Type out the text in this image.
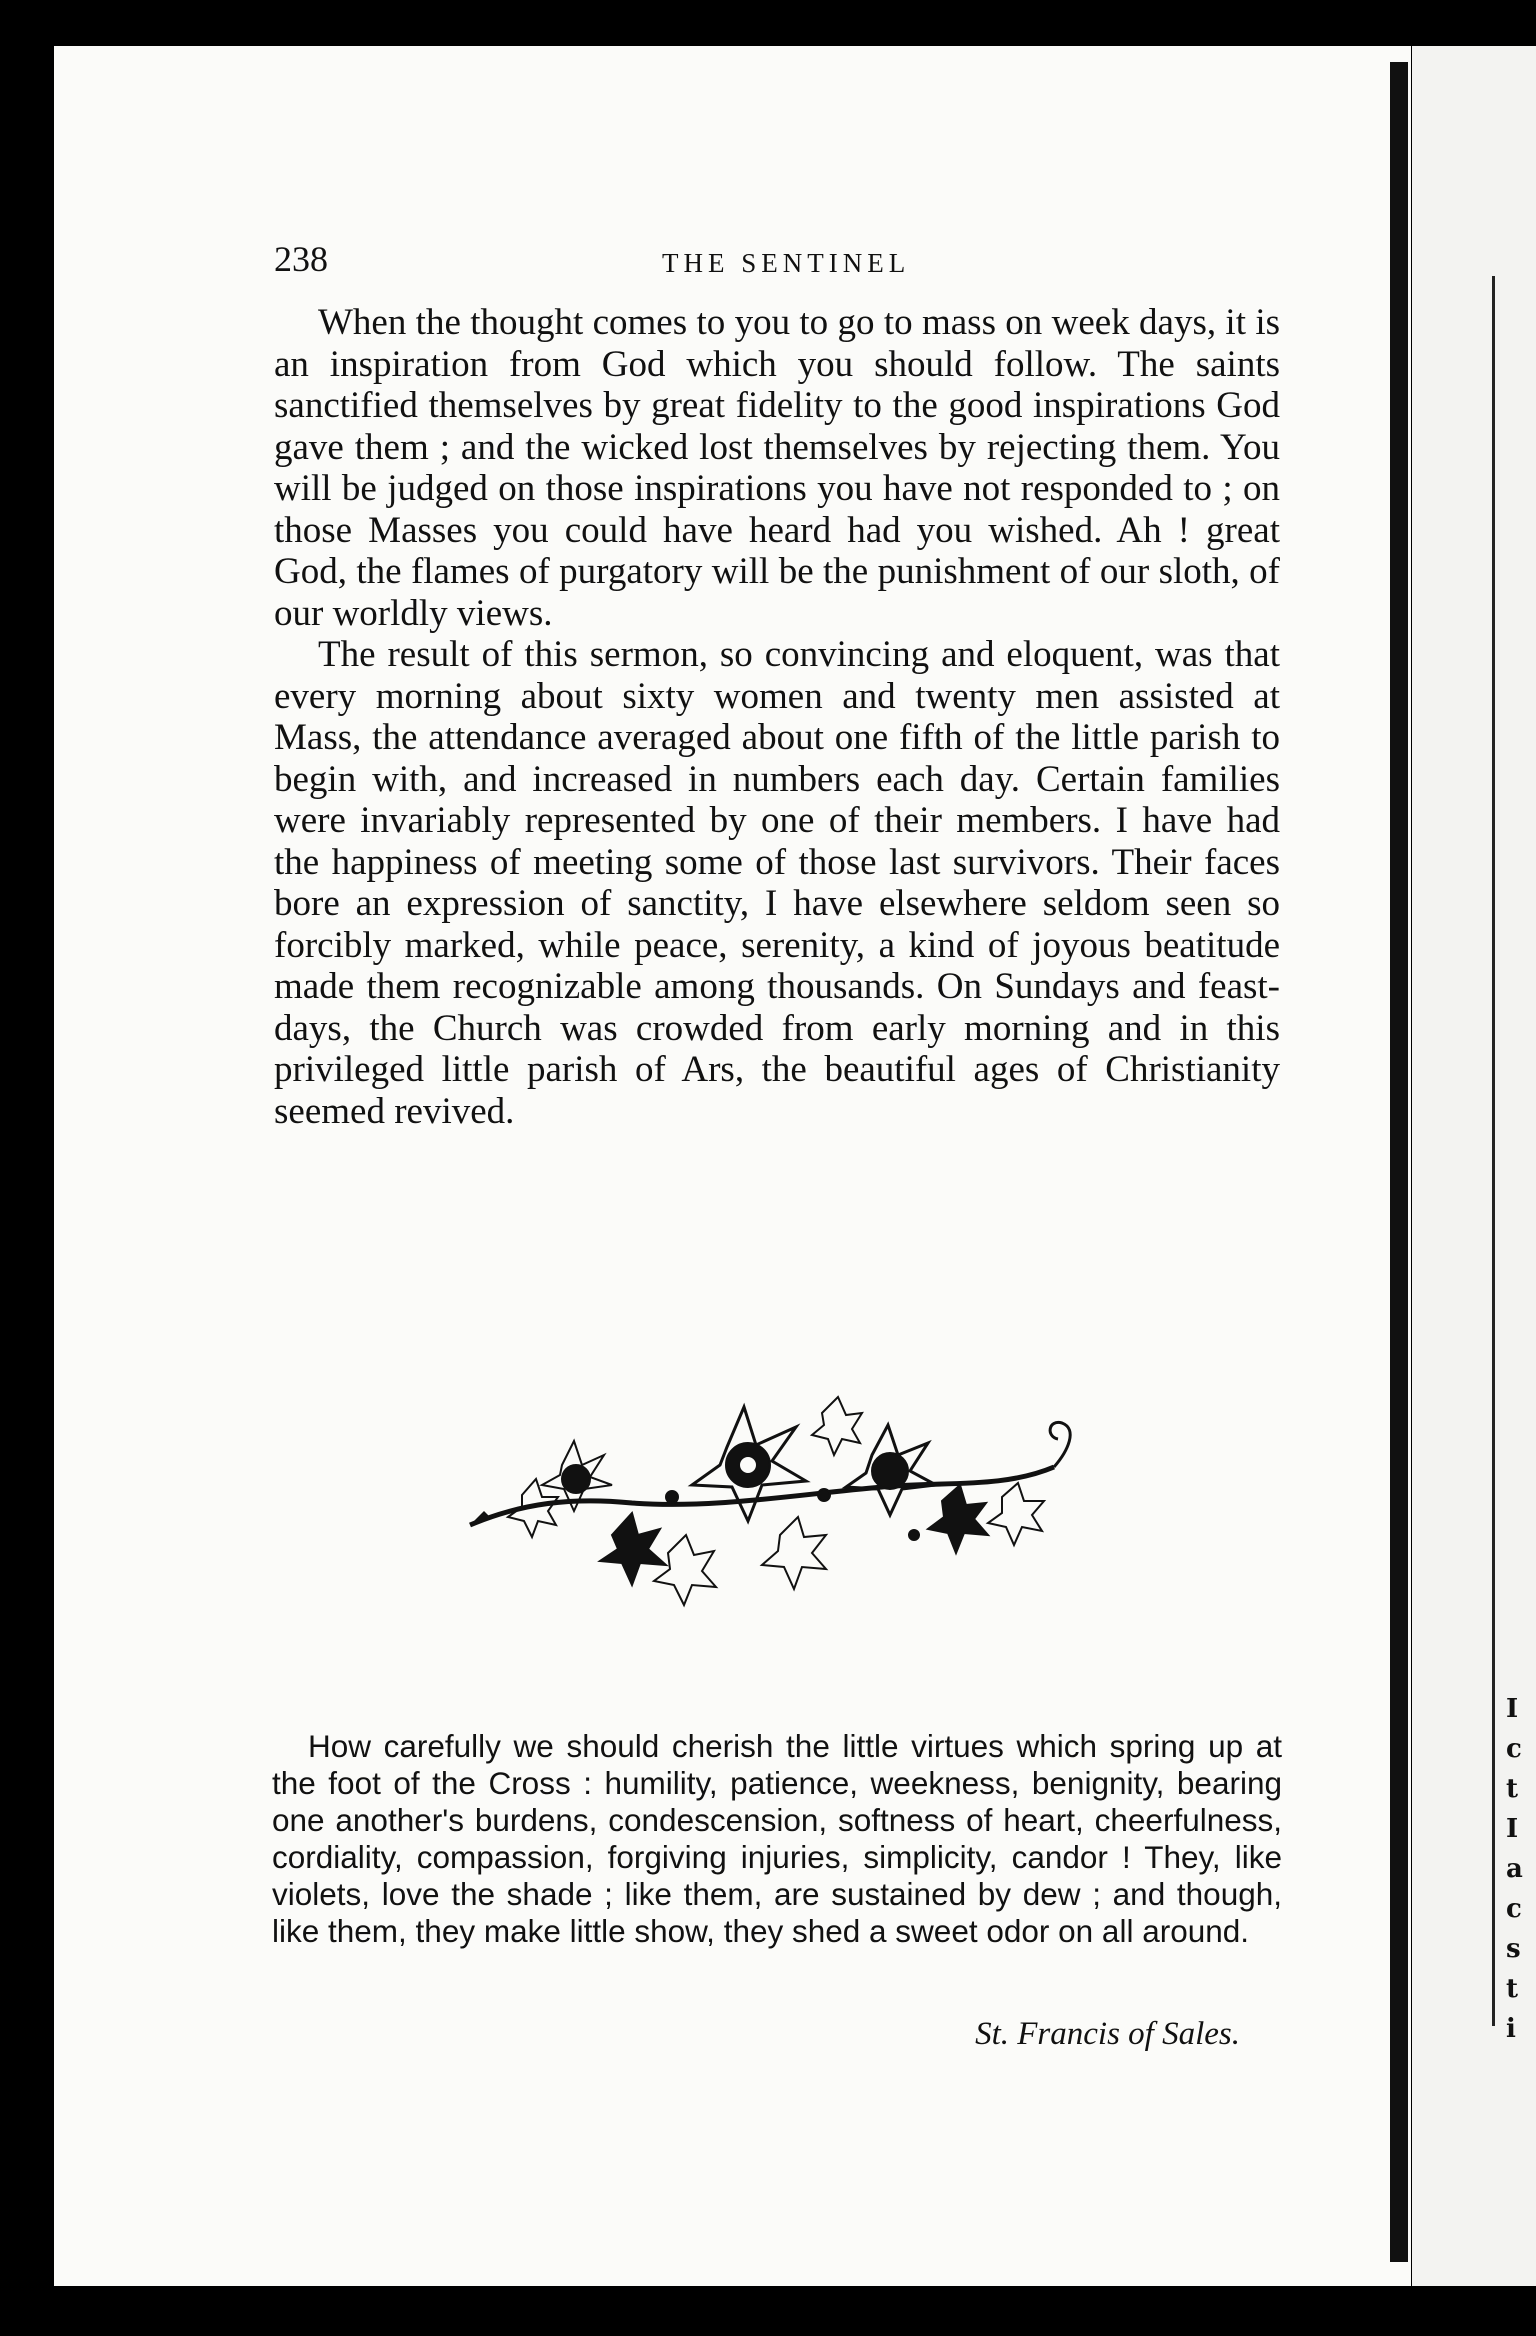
I
c
t
I
a
c
s
t
i
238	THE SENTINEL

When the thought comes to you to go to mass on week days, it is an inspiration from God which you should follow. The saints sanctified themselves by great fidelity to the good inspirations God gave them ; and the wicked lost themselves by rejecting them. You will be judged on those inspirations you have not responded to ; on those Masses you could have heard had you wished. Ah ! great God, the flames of purgatory will be the punishment of our sloth, of our worldly views.

The result of this sermon, so convincing and eloquent, was that every morning about sixty women and twenty men assisted at Mass, the attendance averaged about one fifth of the little parish to begin with, and increased in numbers each day. Certain families were invariably represented by one of their members. I have had the happiness of meeting some of those last survivors. Their faces bore an expression of sanctity, I have elsewhere seldom seen so forcibly marked, while peace, serenity, a kind of joyous beatitude made them recognizable among thousands. On Sundays and feast-days, the Church was crowded from early morning and in this privileged little parish of Ars, the beautiful ages of Christianity seemed revived.

How carefully we should cherish the little virtues which spring up at the foot of the Cross : humility, patience, weekness, benignity, bearing one another's burdens, condescension, softness of heart, cheerfulness, cordiality, compassion, forgiving injuries, simplicity, candor ! They, like violets, love the shade ; like them, are sustained by dew ; and though, like them, they make little show, they shed a sweet odor on all around.

St. Francis of Sales.
